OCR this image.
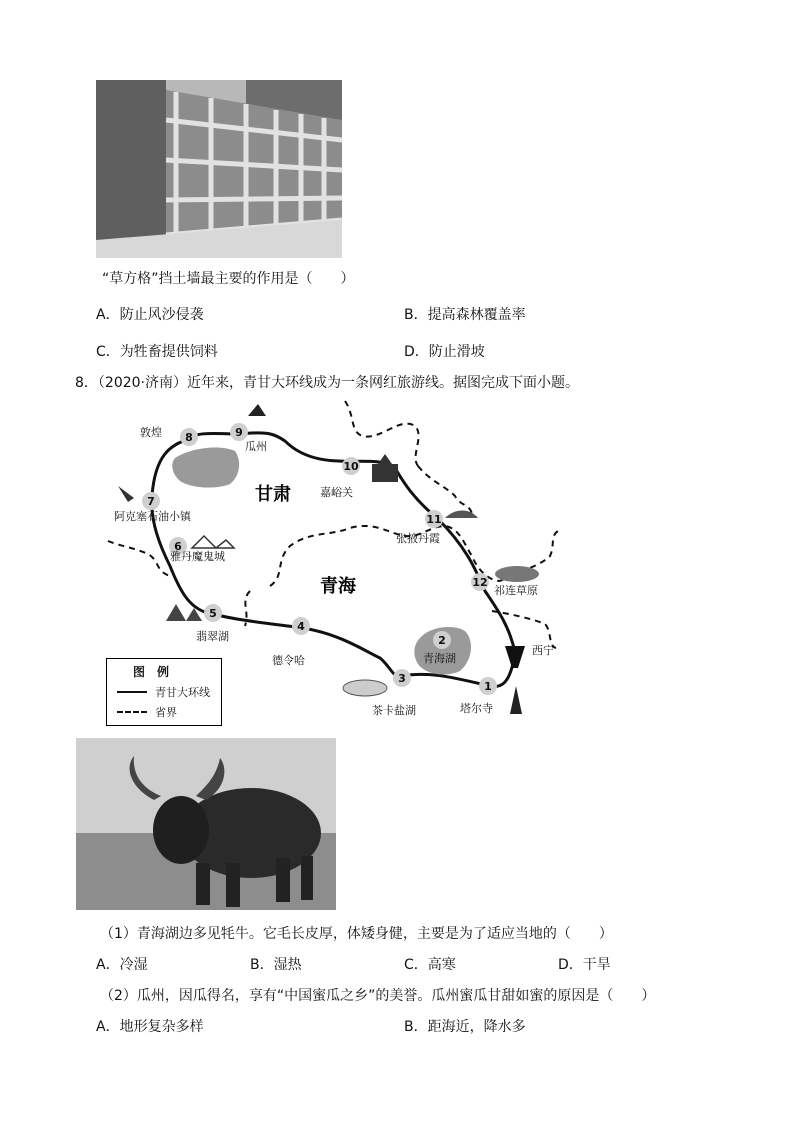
“草方格”挡土墙最主要的作用是（　　）
A．防止风沙侵袭	B．提高森林覆盖率
C．为牲畜提供饲料	D．防止滑坡
8．（2020·济南）近年来，青甘大环线成为一条网红旅游线。据图完成下面小题。
甘肃
青海
1
2
3
4
5
6
7
8	9
10
11
12
塔尔寺
青海湖
茶卡盐湖
德令哈
翡翠湖
雅丹魔鬼城
阿克塞石油小镇
敦煌
瓜州
嘉峪关
张掖丹霞
祁连草原
西宁
图　例
青甘大环线
省界
（1）青海湖边多见牦牛。它毛长皮厚，体矮身健，主要是为了适应当地的（　　）
A．冷湿	B．湿热	C．高寒	D．干旱
（2）瓜州，因瓜得名，享有“中国蜜瓜之乡”的美誉。瓜州蜜瓜甘甜如蜜的原因是（　　）
A．地形复杂多样	B．距海近，降水多
